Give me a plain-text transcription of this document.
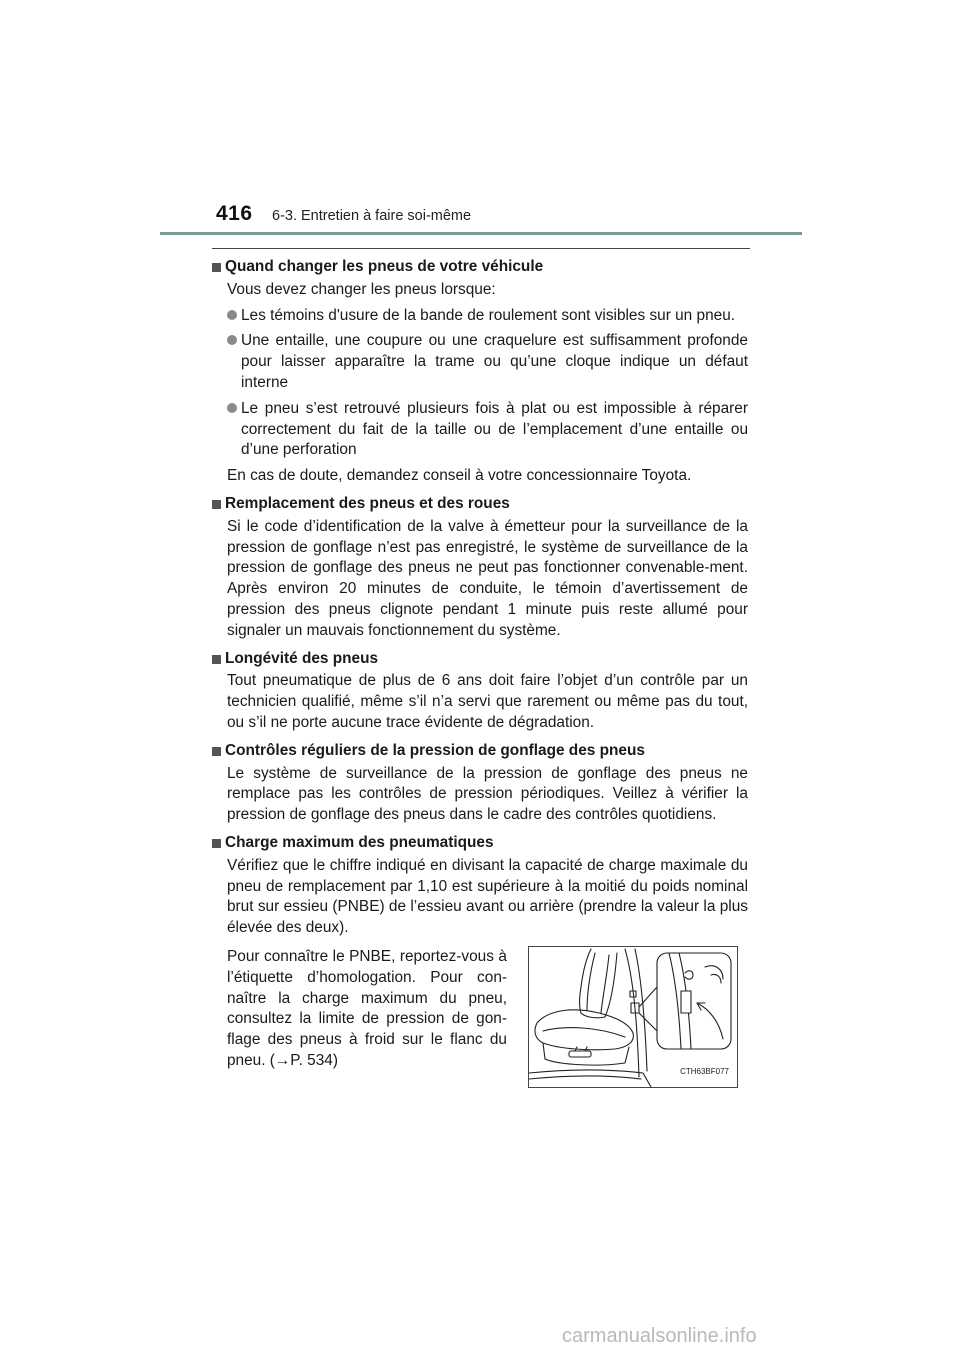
416 6-3. Entretien à faire soi-même
Quand changer les pneus de votre véhicule
Vous devez changer les pneus lorsque:
Les témoins d'usure de la bande de roulement sont visibles sur un pneu.
Une entaille, une coupure ou une craquelure est suffisamment profonde pour laisser apparaître la trame ou qu’une cloque indique un défaut interne
Le pneu s’est retrouvé plusieurs fois à plat ou est impossible à réparer correctement du fait de la taille ou de l’emplacement d’une entaille ou d’une perforation
En cas de doute, demandez conseil à votre concessionnaire Toyota.
Remplacement des pneus et des roues
Si le code d’identification de la valve à émetteur pour la surveillance de la pression de gonflage n’est pas enregistré, le système de surveillance de la pression de gonflage des pneus ne peut pas fonctionner convenable-ment. Après environ 20 minutes de conduite, le témoin d’avertissement de pression des pneus clignote pendant 1 minute puis reste allumé pour signaler un mauvais fonctionnement du système.
Longévité des pneus
Tout pneumatique de plus de 6 ans doit faire l’objet d’un contrôle par un technicien qualifié, même s’il n’a servi que rarement ou même pas du tout, ou s’il ne porte aucune trace évidente de dégradation.
Contrôles réguliers de la pression de gonflage des pneus
Le système de surveillance de la pression de gonflage des pneus ne remplace pas les contrôles de pression périodiques. Veillez à vérifier la pression de gonflage des pneus dans le cadre des contrôles quotidiens.
Charge maximum des pneumatiques
Vérifiez que le chiffre indiqué en divisant la capacité de charge maximale du pneu de remplacement par 1,10 est supérieure à la moitié du poids nominal brut sur essieu (PNBE) de l’essieu avant ou arrière (prendre la valeur la plus élevée des deux).
Pour connaître le PNBE, reportez-vous à l’étiquette d’homologation. Pour con-naître la charge maximum du pneu, consultez la limite de pression de gon-flage des pneus à froid sur le flanc du pneu. (→P. 534)
CTH63BF077
carmanualsonline.info
